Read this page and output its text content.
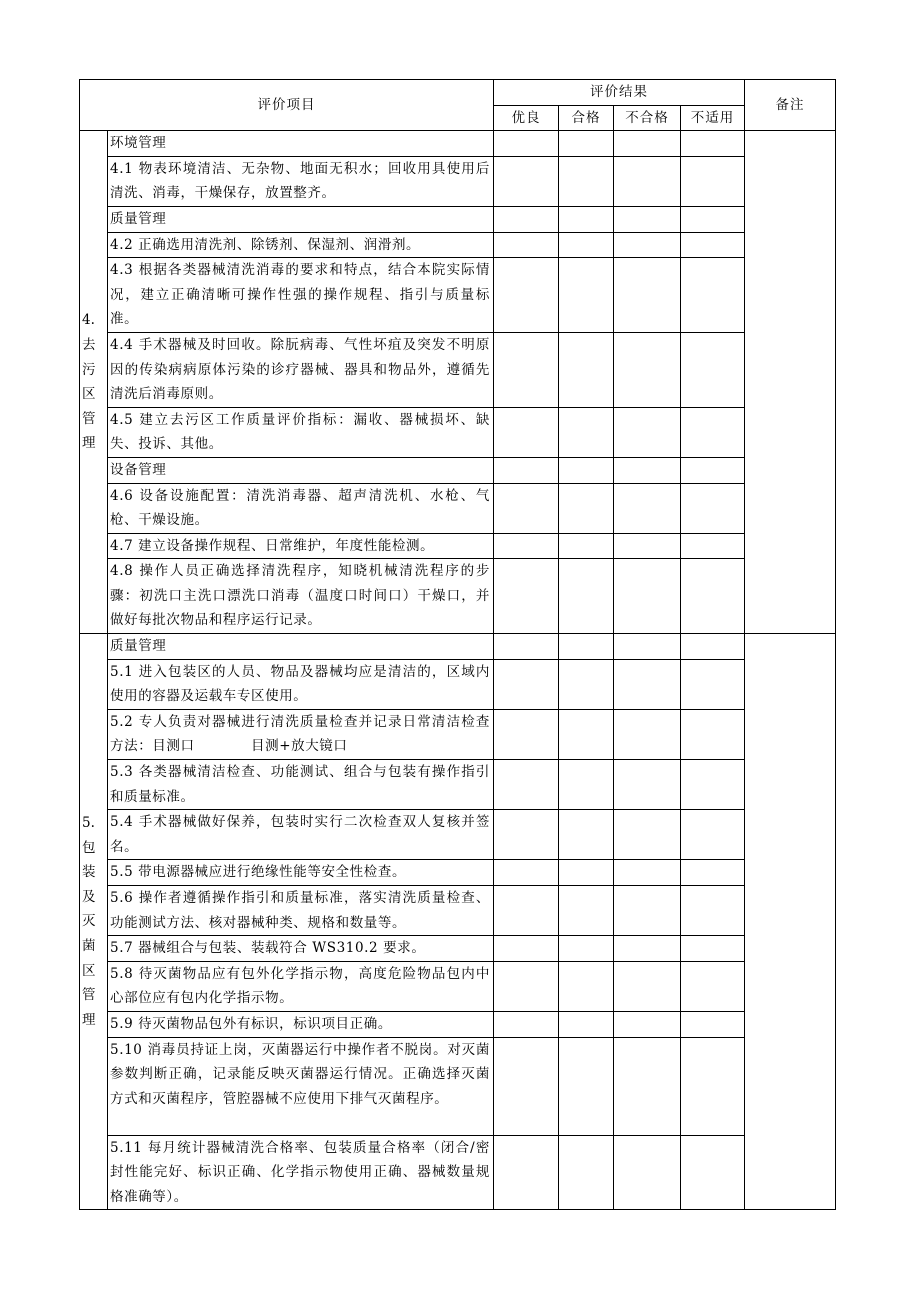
评价项目		评价结果				备注
		优良	合格	不合格	不适用	

4. 去污区管理	环境管理					
	4.1 物表环境清洁、无杂物、地面无积水；回收用具使用后清洗、消毒，干燥保存，放置整齐。					
	质量管理					
	4.2 正确选用清洗剂、除锈剂、保湿剂、润滑剂。					
	4.3 根据各类器械清洗消毒的要求和特点，结合本院实际情况，建立正确清晰可操作性强的操作规程、指引与质量标准。					
	4.4 手术器械及时回收。除朊病毒、气性坏疽及突发不明原因的传染病病原体污染的诊疗器械、器具和物品外，遵循先清洗后消毒原则。					
	4.5 建立去污区工作质量评价指标：漏收、器械损坏、缺失、投诉、其他。					
	设备管理					
	4.6 设备设施配置：清洗消毒器、超声清洗机、水枪、气枪、干燥设施。					
	4.7 建立设备操作规程、日常维护，年度性能检测。					
	4.8 操作人员正确选择清洗程序，知晓机械清洗程序的步骤：初洗口主洗口漂洗口消毒（温度口时间口）干燥口，并做好每批次物品和程序运行记录。					

5. 包装及灭菌区管理	质量管理					
	5.1 进入包装区的人员、物品及器械均应是清洁的，区域内使用的容器及运载车专区使用。					
	5.2 专人负责对器械进行清洗质量检查并记录日常清洁检查方法：目测口　　　　目测+放大镜口					
	5.3 各类器械清洁检查、功能测试、组合与包装有操作指引和质量标准。					
	5.4 手术器械做好保养，包装时实行二次检查双人复核并签名。					
	5.5 带电源器械应进行绝缘性能等安全性检查。					
	5.6 操作者遵循操作指引和质量标准，落实清洗质量检查、功能测试方法、核对器械种类、规格和数量等。					
	5.7 器械组合与包装、装载符合 WS310.2 要求。					
	5.8 待灭菌物品应有包外化学指示物，高度危险物品包内中心部位应有包内化学指示物。					
	5.9 待灭菌物品包外有标识，标识项目正确。					
	5.10 消毒员持证上岗，灭菌器运行中操作者不脱岗。对灭菌参数判断正确，记录能反映灭菌器运行情况。正确选择灭菌方式和灭菌程序，管腔器械不应使用下排气灭菌程序。					
	5.11 每月统计器械清洗合格率、包装质量合格率（闭合/密封性能完好、标识正确、化学指示物使用正确、器械数量规格准确等）。					
